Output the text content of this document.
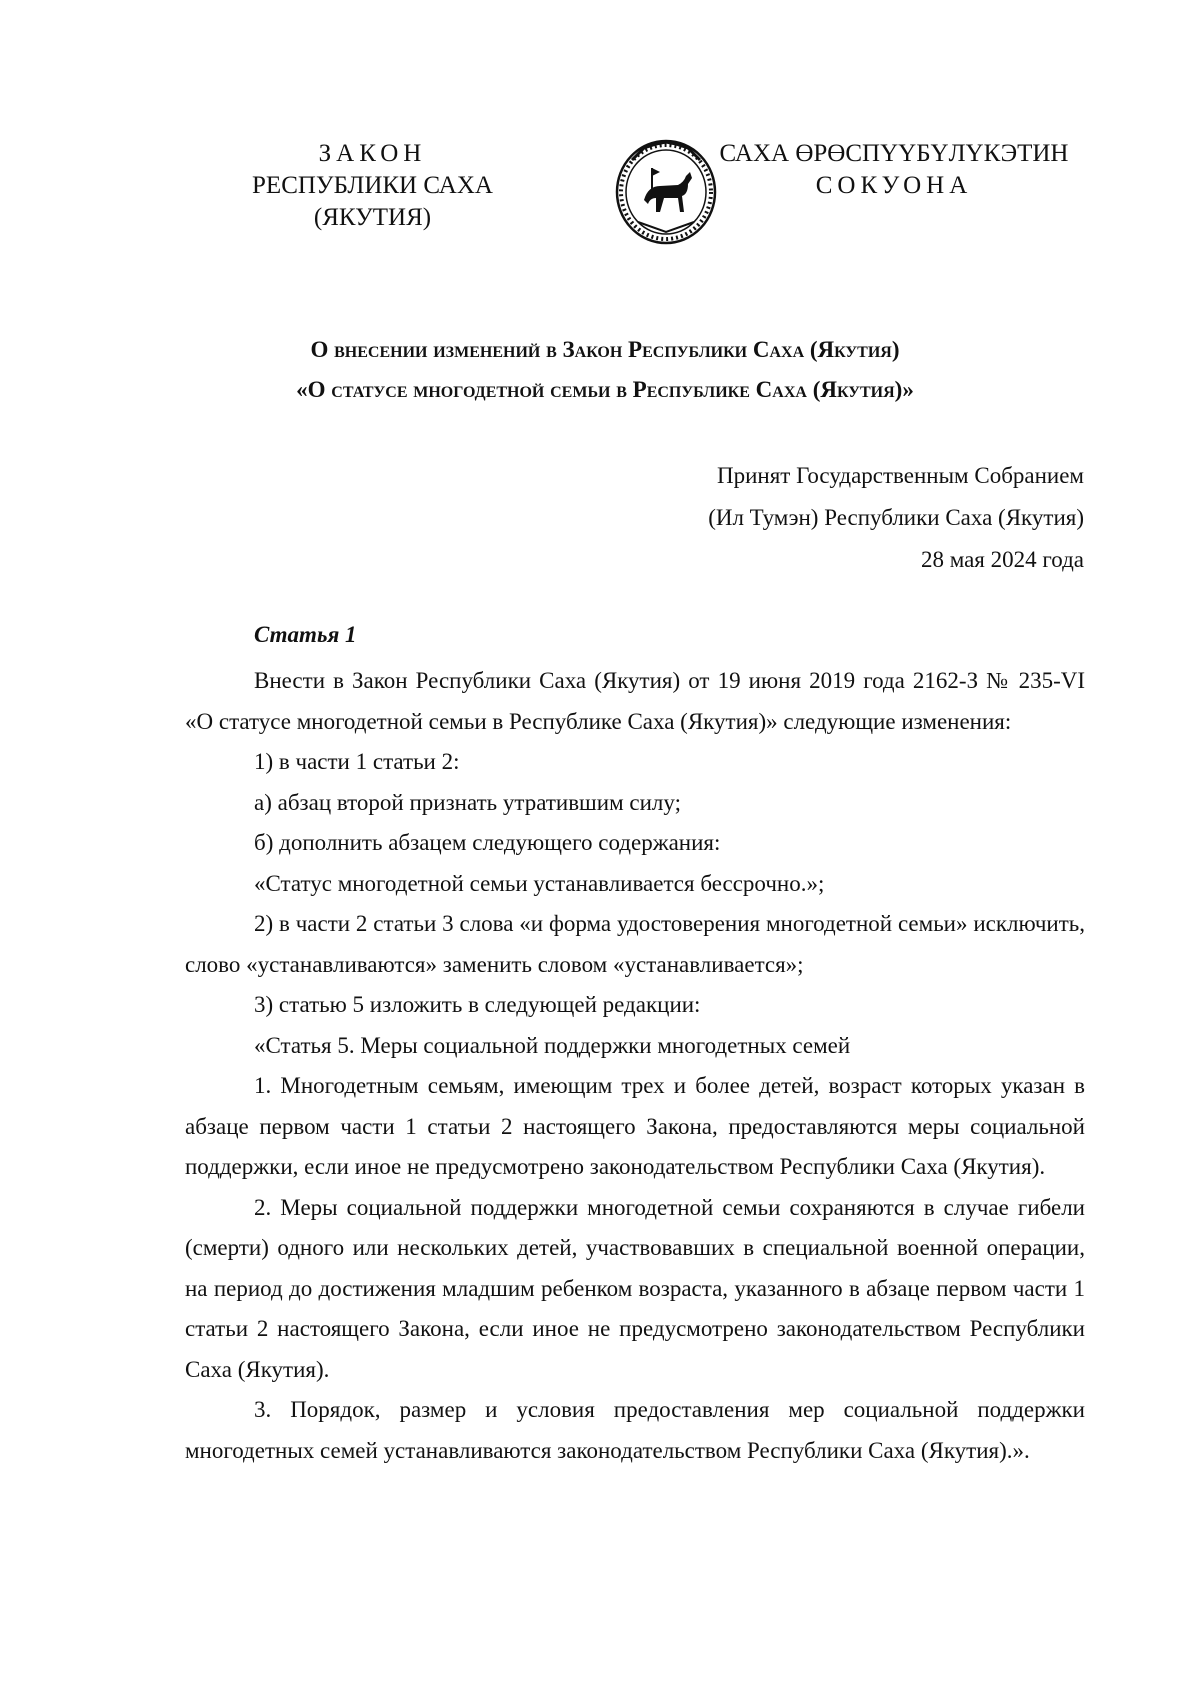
ЗАКОН
РЕСПУБЛИКИ САХА (ЯКУТИЯ)
САХА ӨРӨСПҮҮБҮЛҮКЭТИН
СОКУОНА
О внесении изменений в Закон Республики Саха (Якутия)
«О статусе многодетной семьи в Республике Саха (Якутия)»
Принят Государственным Собранием
(Ил Тумэн) Республики Саха (Якутия)
28 мая 2024 года
Статья 1

Внести в Закон Республики Саха (Якутия) от 19 июня 2019 года 2162-З № 235-VI «О статусе многодетной семьи в Республике Саха (Якутия)» следующие изменения:

1) в части 1 статьи 2:

а) абзац второй признать утратившим силу;

б) дополнить абзацем следующего содержания:

«Статус многодетной семьи устанавливается бессрочно.»;

2) в части 2 статьи 3 слова «и форма удостоверения многодетной семьи» исключить, слово «устанавливаются» заменить словом «устанавливается»;

3) статью 5 изложить в следующей редакции:

«Статья 5. Меры социальной поддержки многодетных семей

1. Многодетным семьям, имеющим трех и более детей, возраст которых указан в абзаце первом части 1 статьи 2 настоящего Закона, предоставляются меры социальной поддержки, если иное не предусмотрено законодательством Республики Саха (Якутия).

2. Меры социальной поддержки многодетной семьи сохраняются в случае гибели (смерти) одного или нескольких детей, участвовавших в специальной военной операции, на период до достижения младшим ребенком возраста, указанного в абзаце первом части 1 статьи 2 настоящего Закона, если иное не предусмотрено законодательством Республики Саха (Якутия).

3. Порядок, размер и условия предоставления мер социальной поддержки многодетных семей устанавливаются законодательством Республики Саха (Якутия).».
